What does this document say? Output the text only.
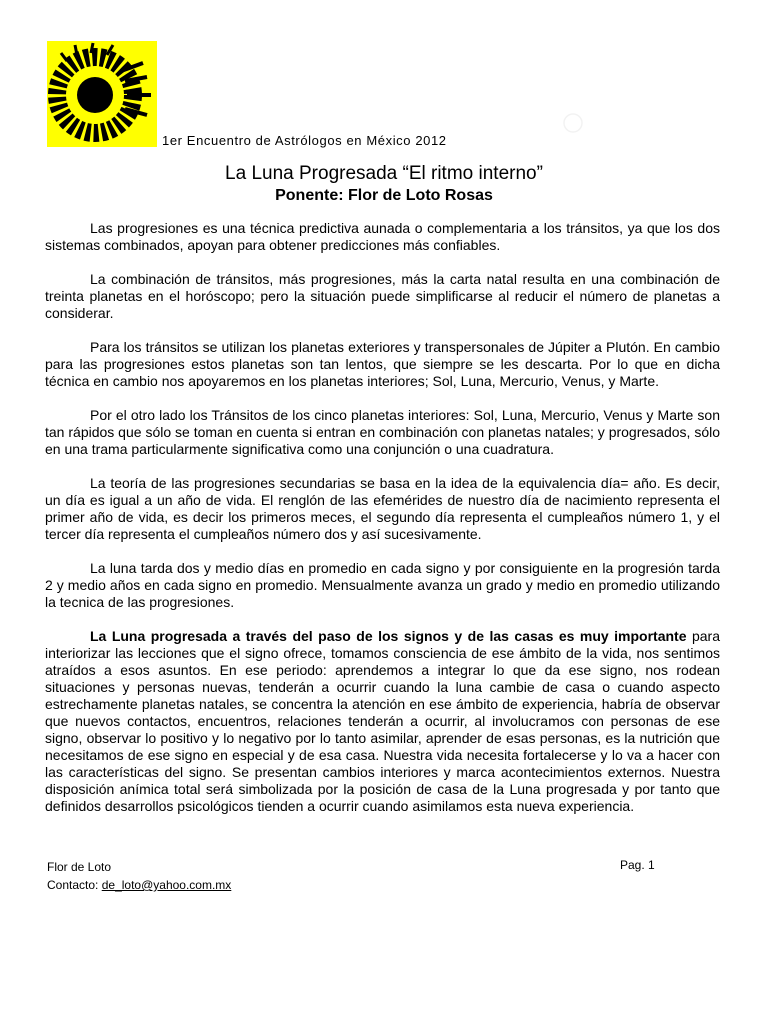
1er Encuentro de Astrólogos en México 2012
La Luna Progresada “El ritmo interno”
Ponente: Flor de Loto Rosas

Las progresiones es una técnica predictiva aunada o complementaria a los tránsitos, ya que los dos sistemas combinados, apoyan para obtener predicciones más confiables.

La combinación de tránsitos, más progresiones, más la carta natal resulta en una combinación de treinta planetas en el horóscopo; pero la situación puede simplificarse al reducir el número de planetas a considerar.

Para los tránsitos se utilizan los planetas exteriores y transpersonales de Júpiter a Plutón. En cambio para las progresiones estos planetas son tan lentos, que siempre se les descarta. Por lo que en dicha técnica en cambio nos apoyaremos en los planetas interiores; Sol, Luna, Mercurio, Venus, y Marte.

Por el otro lado los Tránsitos de los cinco planetas interiores: Sol, Luna, Mercurio, Venus y Marte son tan rápidos que sólo se toman en cuenta si entran en combinación con planetas natales; y progresados, sólo en una trama particularmente significativa como una conjunción o una cuadratura.

La teoría de las progresiones secundarias se basa en la idea de la equivalencia día= año. Es decir, un día es igual a un año de vida. El renglón de las efemérides de nuestro día de nacimiento representa el primer año de vida, es decir los primeros meces, el segundo día representa el cumpleaños número 1, y el tercer día representa el cumpleaños número dos y así sucesivamente.

La luna tarda dos y medio días en promedio en cada signo y por consiguiente en la progresión tarda 2 y medio años en cada signo en promedio. Mensualmente avanza un grado y medio en promedio utilizando la tecnica de las progresiones.

La Luna progresada a través del paso de los signos y de las casas es muy importante para interiorizar las lecciones que el signo ofrece, tomamos consciencia de ese ámbito de la vida, nos sentimos atraídos a esos asuntos. En ese periodo: aprendemos a integrar lo que da ese signo, nos rodean situaciones y personas nuevas, tenderán a ocurrir cuando la luna cambie de casa o cuando aspecto estrechamente planetas natales, se concentra la atención en ese ámbito de experiencia, habría de observar que nuevos contactos, encuentros, relaciones tenderán a ocurrir, al involucramos con personas de ese signo, observar lo positivo y lo negativo por lo tanto asimilar, aprender de esas personas, es la nutrición que necesitamos de ese signo en especial y de esa casa. Nuestra vida necesita fortalecerse y lo va a hacer con las características del signo. Se presentan cambios interiores y marca acontecimientos externos. Nuestra disposición anímica total será simbolizada por la posición de casa de la Luna progresada y por tanto que definidos desarrollos psicológicos tienden a ocurrir cuando asimilamos esta nueva experiencia.

Flor de Loto
Contacto: de_loto@yahoo.com.mx
Pag. 1
